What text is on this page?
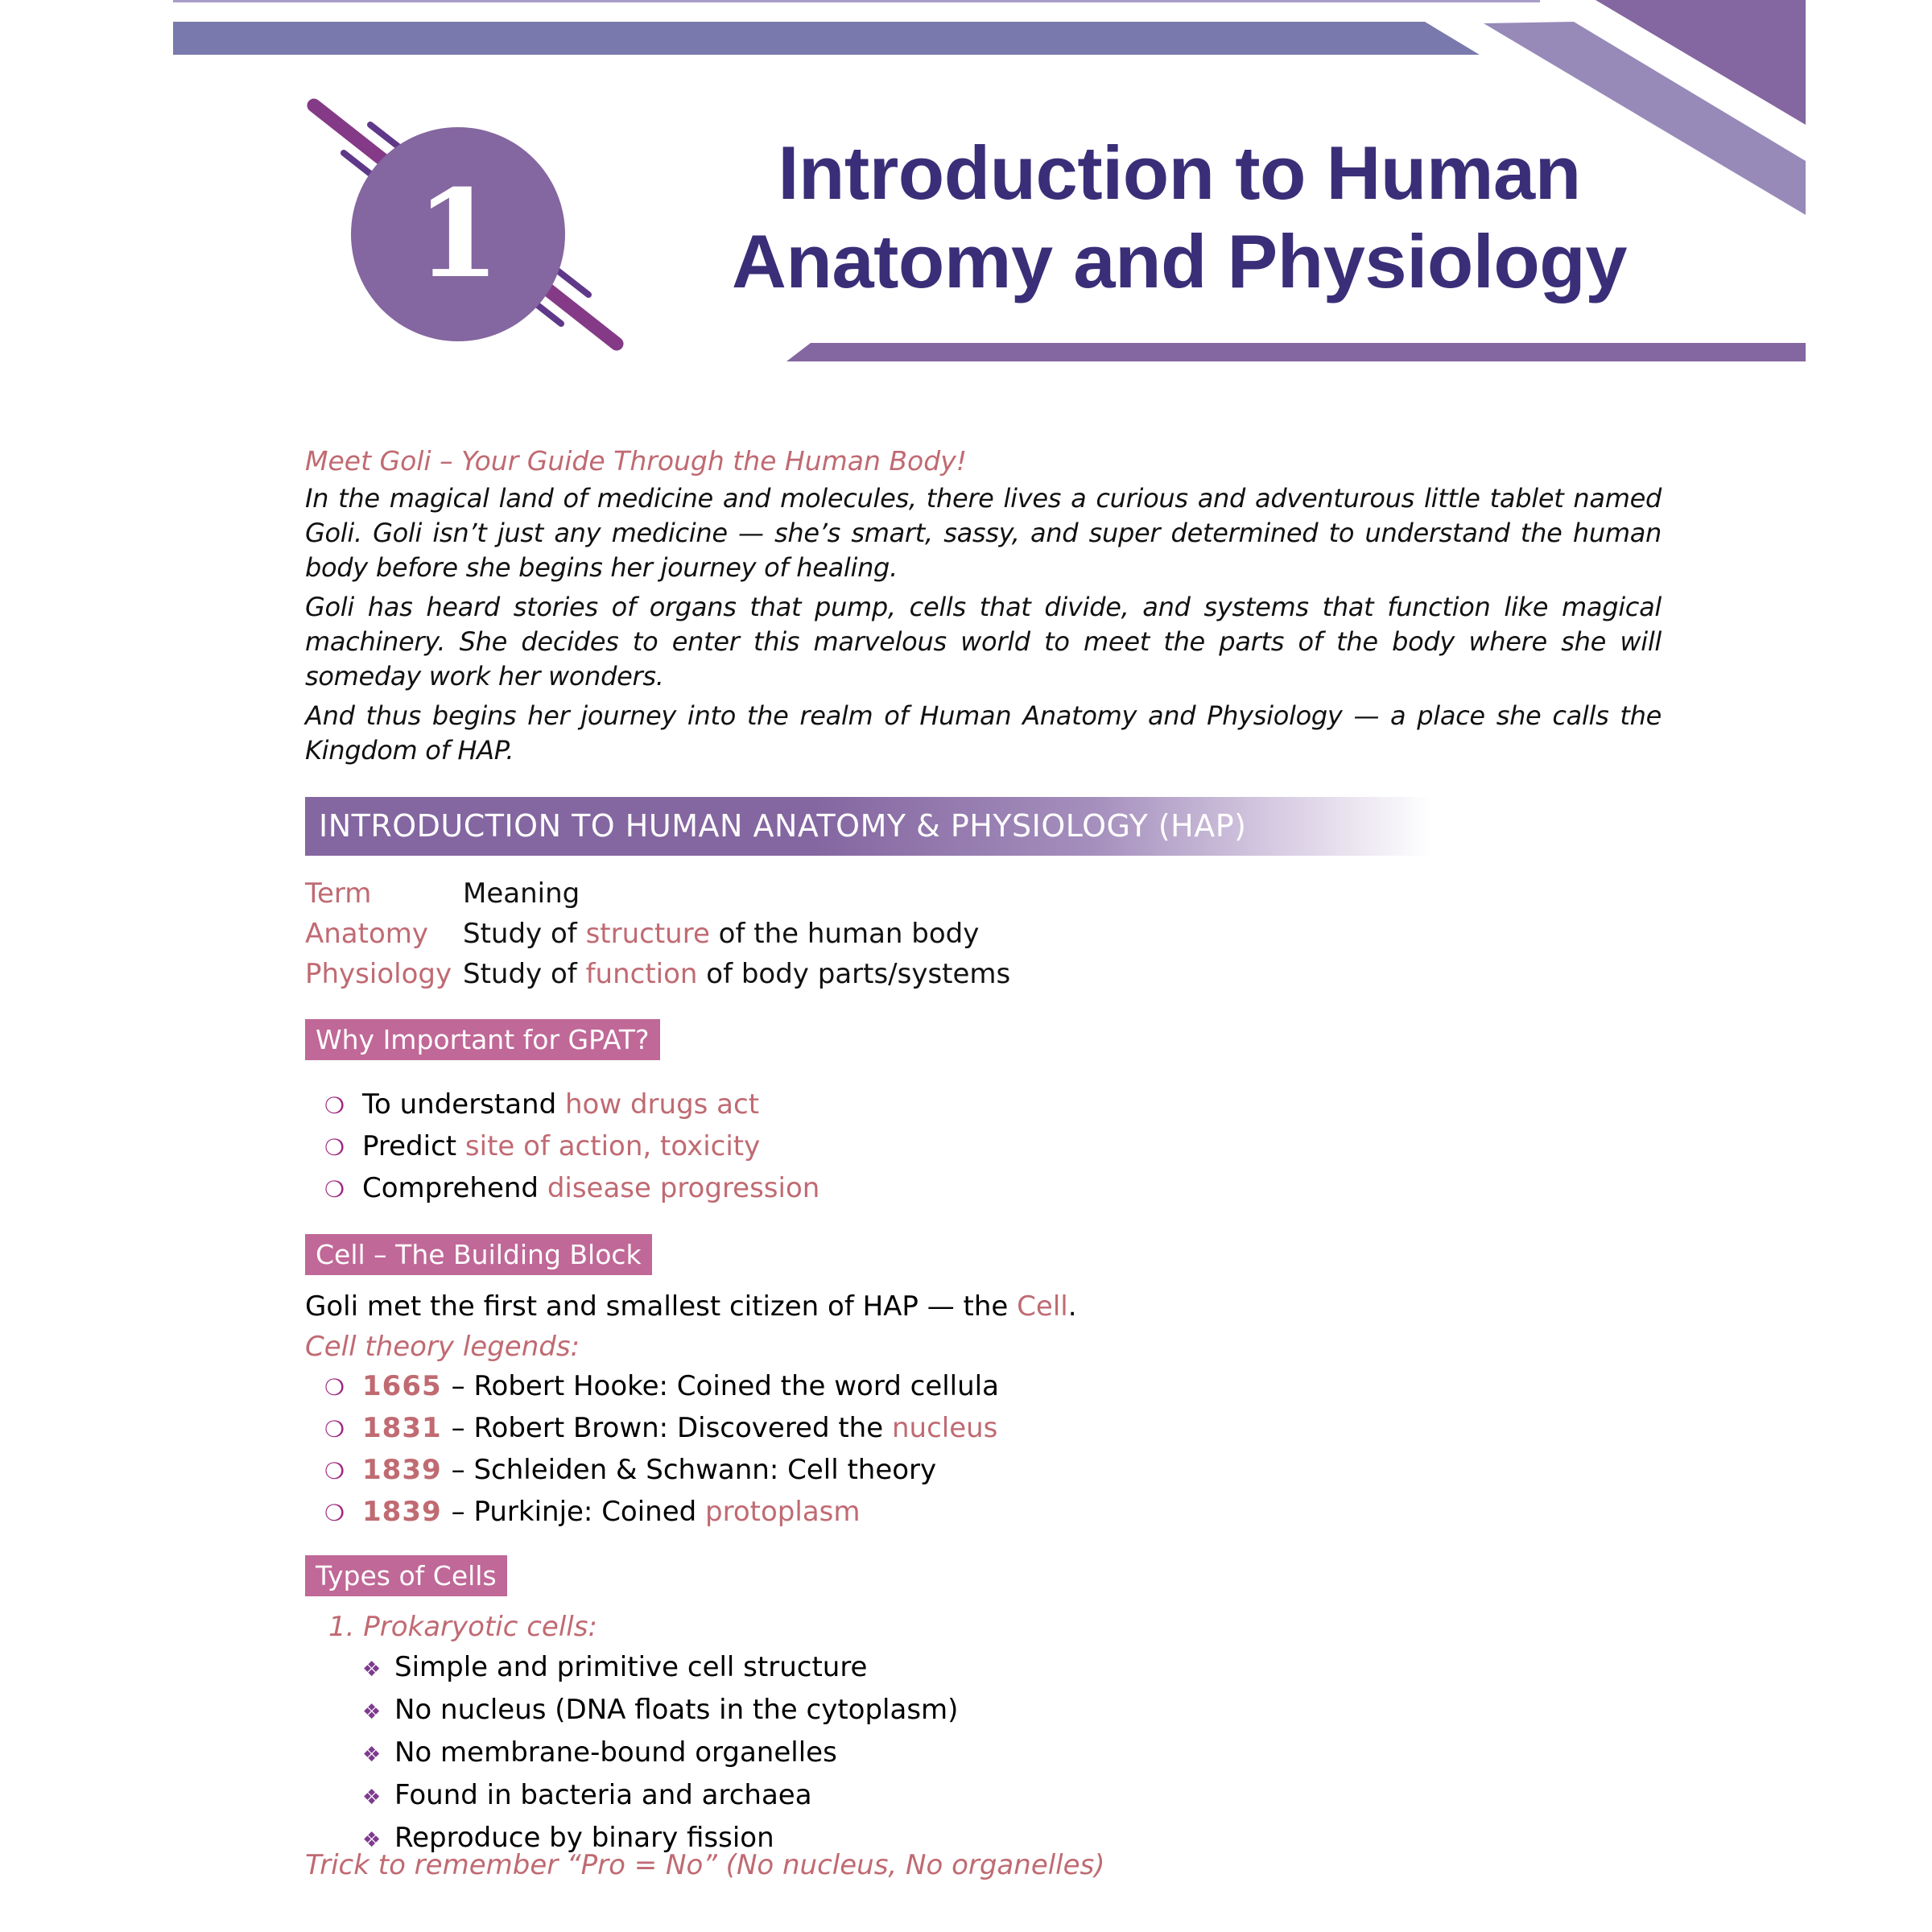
1	Introduction to Human
Anatomy and Physiology
Meet Goli – Your Guide Through the Human Body!

In the magical land of medicine and molecules, there lives a curious and adventurous little tablet named Goli. Goli isn’t just any medicine — she’s smart, sassy, and super determined to understand the human body before she begins her journey of healing.

Goli has heard stories of organs that pump, cells that divide, and systems that function like magical machinery. She decides to enter this marvelous world to meet the parts of the body where she will someday work her wonders.

And thus begins her journey into the realm of Human Anatomy and Physiology — a place she calls the Kingdom of HAP.

INTRODUCTION TO HUMAN ANATOMY & PHYSIOLOGY (HAP)
Term	Meaning
Anatomy	Study of structure of the human body
Physiology Study of function of body parts/systems
Why Important for GPAT?
❍ To understand how drugs act
❍ Predict site of action, toxicity
❍ Comprehend disease progression
Cell – The Building Block
Goli met the first and smallest citizen of HAP — the Cell.
Cell theory legends:
❍ 1665 – Robert Hooke: Coined the word cellula
❍ 1831 – Robert Brown: Discovered the nucleus
❍ 1839 – Schleiden & Schwann: Cell theory
❍ 1839 – Purkinje: Coined protoplasm
Types of Cells
1. Prokaryotic cells:
❖ Simple and primitive cell structure
❖ No nucleus (DNA floats in the cytoplasm)
❖ No membrane-bound organelles
❖ Found in bacteria and archaea
❖ Reproduce by binary fission
Trick to remember “Pro = No” (No nucleus, No organelles)
